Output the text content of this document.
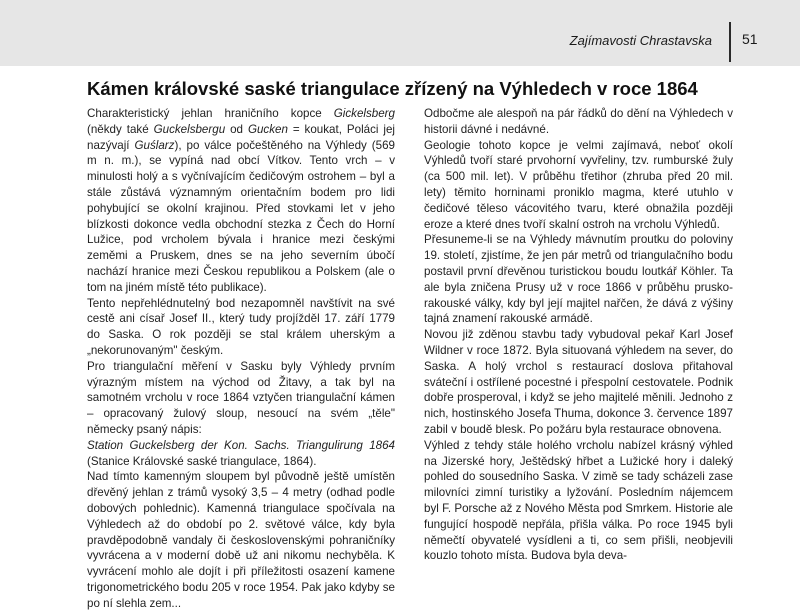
Zajímavosti Chrastavska 51
Kámen královské saské triangulace zřízený na Výhledech v roce 1864

Charakteristický jehlan hraničního kopce Gickelsberg (někdy také Guckelsbergu od Gucken = koukat, Poláci jej nazývají Guślarz), po válce počeštěného na Výhledy (569 m n. m.), se vypíná nad obcí Vítkov. Tento vrch – v minulosti holý a s vyčnívajícím čedičovým ostrohem – byl a stále zůstává významným orientačním bodem pro lidi pohybující se okolní krajinou. Před stovkami let v jeho blízkosti dokonce vedla obchodní stezka z Čech do Horní Lužice, pod vrcholem bývala i hranice mezi českými zeměmi a Pruskem, dnes se na jeho severním úbočí nachází hranice mezi Českou republikou a Polskem (ale o tom na jiném místě této publikace).

Tento nepřehlédnutelný bod nezapomněl navštívit na své cestě ani císař Josef II., který tudy projížděl 17. září 1779 do Saska. O rok později se stal králem uherským a „nekorunovaným" českým.

Pro triangulační měření v Sasku byly Výhledy prvním výrazným místem na východ od Žitavy, a tak byl na samotném vrcholu v roce 1864 vztyčen triangulační kámen – opracovaný žulový sloup, nesoucí na svém „těle" německy psaný nápis:

Station Guckelsberg der Kon. Sachs. Triangulirung 1864 (Stanice Královské saské triangulace, 1864).

Nad tímto kamenným sloupem byl původně ještě umístěn dřevěný jehlan z trámů vysoký 3,5 – 4 metry (odhad podle dobových pohlednic). Kamenná triangulace spočívala na Výhledech až do období po 2. světové válce, kdy byla pravděpodobně vandaly či československými pohraničníky vyvrácena a v moderní době už ani nikomu nechyběla. K vyvrácení mohlo ale dojít i při příležitosti osazení kamene trigonometrického bodu 205 v roce 1954. Pak jako kdyby se po ní slehla zem...

Odbočme ale alespoň na pár řádků do dění na Výhledech v historii dávné i nedávné.

Geologie tohoto kopce je velmi zajímavá, neboť okolí Výhledů tvoří staré prvohorní vyvřeliny, tzv. rumburské žuly (ca 500 mil. let). V průběhu třetihor (zhruba před 20 mil. lety) těmito horninami proniklo magma, které utuhlo v čedičové těleso vácovitého tvaru, které obnažila později eroze a které dnes tvoří skalní ostroh na vrcholu Výhledů.

Přesuneme-li se na Výhledy mávnutím proutku do poloviny 19. století, zjistíme, že jen pár metrů od triangulačního bodu postavil první dřevěnou turistickou boudu loutkář Köhler. Ta ale byla zničena Prusy už v roce 1866 v průběhu prusko-rakouské války, kdy byl její majitel nařčen, že dává z výšiny tajná znamení rakouské armádě.

Novou již zděnou stavbu tady vybudoval pekař Karl Josef Wildner v roce 1872. Byla situovaná výhledem na sever, do Saska. A holý vrchol s restaurací doslova přitahoval sváteční i ostřílené pocestné i přespolní cestovatele. Podnik dobře prosperoval, i když se jeho majitelé měnili. Jednoho z nich, hostinského Josefa Thuma, dokonce 3. července 1897 zabil v boudě blesk. Po požáru byla restaurace obnovena.

Výhled z tehdy stále holého vrcholu nabízel krásný výhled na Jizerské hory, Ještědský hřbet a Lužické hory i daleký pohled do sousedního Saska. V zimě se tady scházeli zase milovníci zimní turistiky a lyžování. Posledním nájemcem byl F. Porsche až z Nového Města pod Smrkem. Historie ale fungující hospodě nepřála, přišla válka. Po roce 1945 byli němečtí obyvatelé vysídleni a ti, co sem přišli, neobjevili kouzlo tohoto místa. Budova byla deva-
